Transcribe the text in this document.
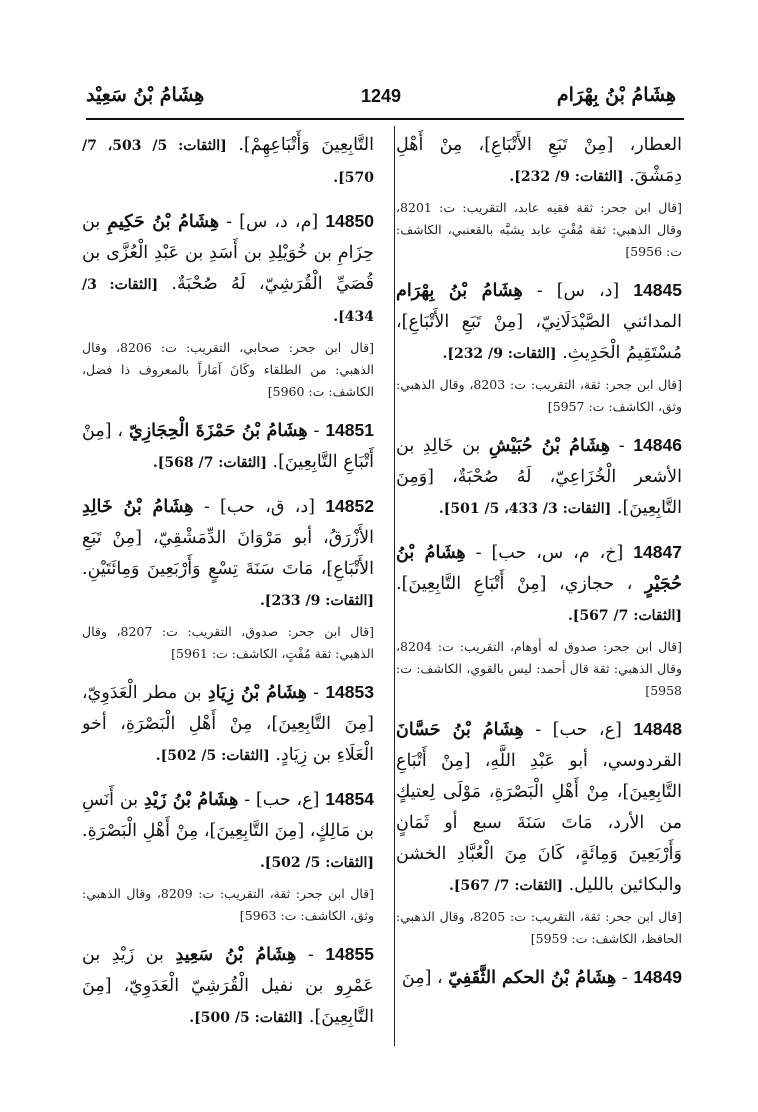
هِشَامُ بْنُ بِهْرَام
1249
هِشَامُ بْنُ سَعِيْد

العطار، [مِنْ تَبَعِ الأَتْبَاعِ]، مِنْ أَهْلِ دِمَشْقَ. [الثقات: 9/ 232].

[قال ابن جحر: ثقة فقيه عابد، التقريب: ت: 8201، وقال الذهبي: ثقة مُفْتٍ عابد يشبَّه بالقعنبي، الكاشف: ت: 5956]

14845 [د، س] - هِشَامُ بْنُ بِهْرَام المدائني الصَّيْدَلَانِيّ، [مِنْ تَبَعِ الأَتْبَاعِ]، مُسْتَقِيمُ الْحَدِيثِ. [الثقات: 9/ 232].

[قال ابن جحر: ثقة، التقريب: ت: 8203، وقال الذهبي: وثق، الكاشف: ت: 5957]

14846 - هِشَامُ بْنُ حُبَيْشِ بن خَالِدِ بن الأشعر الْخُزَاعِيّ، لَهُ صُحْبَةٌ، [وَمِنَ التَّابِعِينَ]. [الثقات: 3/ 433، 5/ 501].

14847 [خ، م، س، حب] - هِشَامُ بْنُ حُجَيْرٍ ، حجازي، [مِنْ أَتْبَاعِ التَّابِعِينَ]. [الثقات: 7/ 567].

[قال ابن جحر: صدوق له أوهام، التقريب: ت: 8204، وقال الذهبي: ثقة قال أحمد: ليس بالقوي، الكاشف: ت: 5958]

14848 [ع، حب] - هِشَامُ بْنُ حَسَّانَ القردوسي، أبو عَبْدِ اللَّهِ، [مِنْ أَتْبَاعِ التَّابِعِينَ]، مِنْ أَهْلِ الْبَصْرَةِ، مَوْلَى لِعتيكٍ من الأرد، مَاتَ سَنَةَ سبع أو ثَمَانٍ وَأَرْبَعِينَ وَمِائَةٍ، كَانَ مِنَ الْعُبَّادِ الخشن والبكائين بالليل. [الثقات: 7/ 567].

[قال ابن جحر: ثقة، التقريب: ت: 8205، وقال الذهبي: الحافظ، الكاشف: ت: 5959]

14849 - هِشَامُ بْنُ الحكم الثَّقَفِيّ ، [مِنَ

التَّابِعِينَ وَأَتْبَاعِهِمْ]. [الثقات: 5/ 503، 7/ 570].

14850 [م، د، س] - هِشَامُ بْنُ حَكِيمِ بن حِزَامِ بن خُوَيْلِدِ بن أَسَدِ بن عَبْدِ الْعُزَّى بن قُصَيِّ الْقُرَشِيّ، لَهُ صُحْبَةٌ. [الثقات: 3/ 434].

[قال ابن جحر: صحابي، التقريب: ت: 8206، وقال الذهبي: من الطلقاء وكَانَ آمَاراً بالمعروف ذا فضل، الكاشف: ت: 5960]

14851 - هِشَامُ بْنُ حَمْزَةَ الْحِجَازِيّ ، [مِنْ أَتْبَاعِ التَّابِعِينَ]. [الثقات: 7/ 568].

14852 [د، ق، حب] - هِشَامُ بْنُ خَالِدِ الأَزْرَقُ، أبو مَرْوَانَ الدِّمَشْقِيّ، [مِنْ تَبَعِ الأَتْبَاعِ]، مَاتَ سَنَةَ تِسْعٍ وَأَرْبَعِينَ وَمِائَتَيْنِ. [الثقات: 9/ 233].

[قال ابن جحر: صدوق، التقريب: ت: 8207، وقال الذهبي: ثقة مُفْتٍ، الكاشف: ت: 5961]

14853 - هِشَامُ بْنُ زِيَادِ بن مطر الْعَدَوِيّ، [مِنَ التَّابِعِينَ]، مِنْ أَهْلِ الْبَصْرَةِ، أخو الْعَلَاءِ بن زِيَادٍ. [الثقات: 5/ 502].

14854 [ع، حب] - هِشَامُ بْنُ زَيْدِ بن أَنَسِ بن مَالِكٍ، [مِنَ التَّابِعِينَ]، مِنْ أَهْلِ الْبَصْرَةِ. [الثقات: 5/ 502].

[قال ابن جحر: ثقة، التقريب: ت: 8209، وقال الذهبي: وثق، الكاشف: ت: 5963]

14855 - هِشَامُ بْنُ سَعِيدِ بن زَيْدِ بن عَمْرِو بن نفيل الْقُرَشِيّ الْعَدَوِيّ، [مِنَ التَّابِعِينَ]. [الثقات: 5/ 500].
